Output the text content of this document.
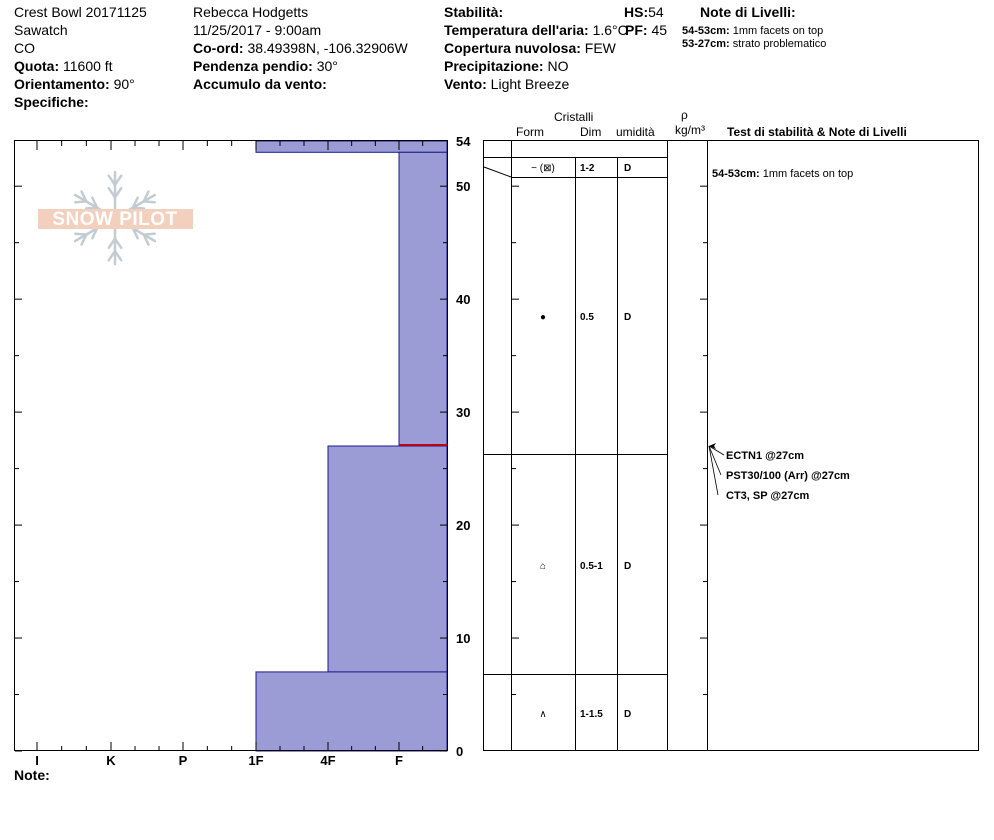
Crest Bowl 20171125
Sawatch
CO
Quota: 11600 ft
Orientamento: 90°
Specifiche:
Rebecca Hodgetts
11/25/2017 - 9:00am
Co-ord: 38.49398N, -106.32906W
Pendenza pendio: 30°
Accumulo da vento:
Stabilità:
Temperatura dell'aria: 1.6°C
Copertura nuvolosa: FEW
Precipitazione: NO
Vento: Light Breeze
HS:54
PF: 45
Note di Livelli:
54-53cm: 1mm facets on top
53-27cm: strato problematico
Cristalli
Form	Dim umidità
ρ
kg/m³ Test di stabilità & Note di Livelli
SNOW PILOT
I	K	P	1F	4F	F
0
10
20
30
40
50
54
− (⊠)	1-2	D
●	0.5	D
⌂	0.5-1 D
∧	1-1.5 D
54-53cm: 1mm facets on top
ECTN1 @27cm
PST30/100 (Arr) @27cm
CT3, SP @27cm
Note:
